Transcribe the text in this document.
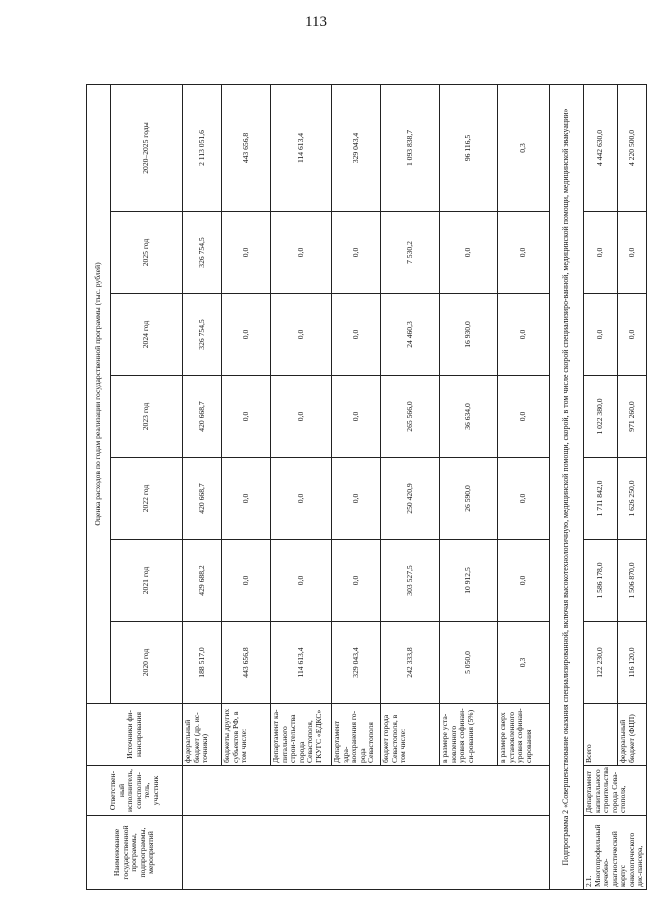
113
Наименование государственной программы, подпрограммы, мероприятий	Ответствен-ный исполнитель, соисполни-тель, участник	Источники фи-нансирования	Оценка расходов по годам реализации государственной программы (тыс. рублей)						
			2020 год	2021 год	2022 год	2023 год	2024 год	2025 год	2020–2025 годы
		федеральный бюджет (др. ис-точники)	188 517,0	429 688,2	420 668,7	420 668,7	326 754,5	326 754,5	2 113 051,6
		бюджеты других субъектов РФ, в том числе:	443 656,8	0,0	0,0	0,0	0,0	0,0	443 656,8
		Департамент ка-питального строи-тельства города Севастополя, ГКУГС «ЕДКС»	114 613,4	0,0	0,0	0,0	0,0	0,0	114 613,4
		Департамент здра-воохранения го-рода Севастополя	329 043,4	0,0	0,0	0,0	0,0	0,0	329 043,4
		бюджет города Севастополя, в том числе:	242 333,8	303 527,5	250 420,9	265 566,0	24 460,3	7 530,2	1 093 838,7
		в размере уста-новленного уровня софинан-си-рования (5%)	5 050,0	10 912,5	26 590,0	36 634,0	16 930,0	0,0	96 116,5
		в размере сверх установленного уровня софинан-сирования	0,3	0,0	0,0	0,0	0,0	0,0	0,3
Подпрограмма 2 «Совершенствование оказания специализированной, включая высокотехнологичную, медицинской помощи, скорой, в том числе скорой специализиро-ванной, медицинской помощи, медицинской эвакуации»									
2.1. Многопрофильный лечебно-диагностический корпус онкологического дис-пансера,	Департамент капитального строительства города Сева-стополя,	Всего	122 230,0	1 586 178,0	1 711 842,0	1 022 380,0	0,0	0,0	4 442 630,0
		федеральный бюджет (ФЦП)	116 120,0	1 506 870,0	1 626 250,0	971 260,0	0,0	0,0	4 220 500,0
